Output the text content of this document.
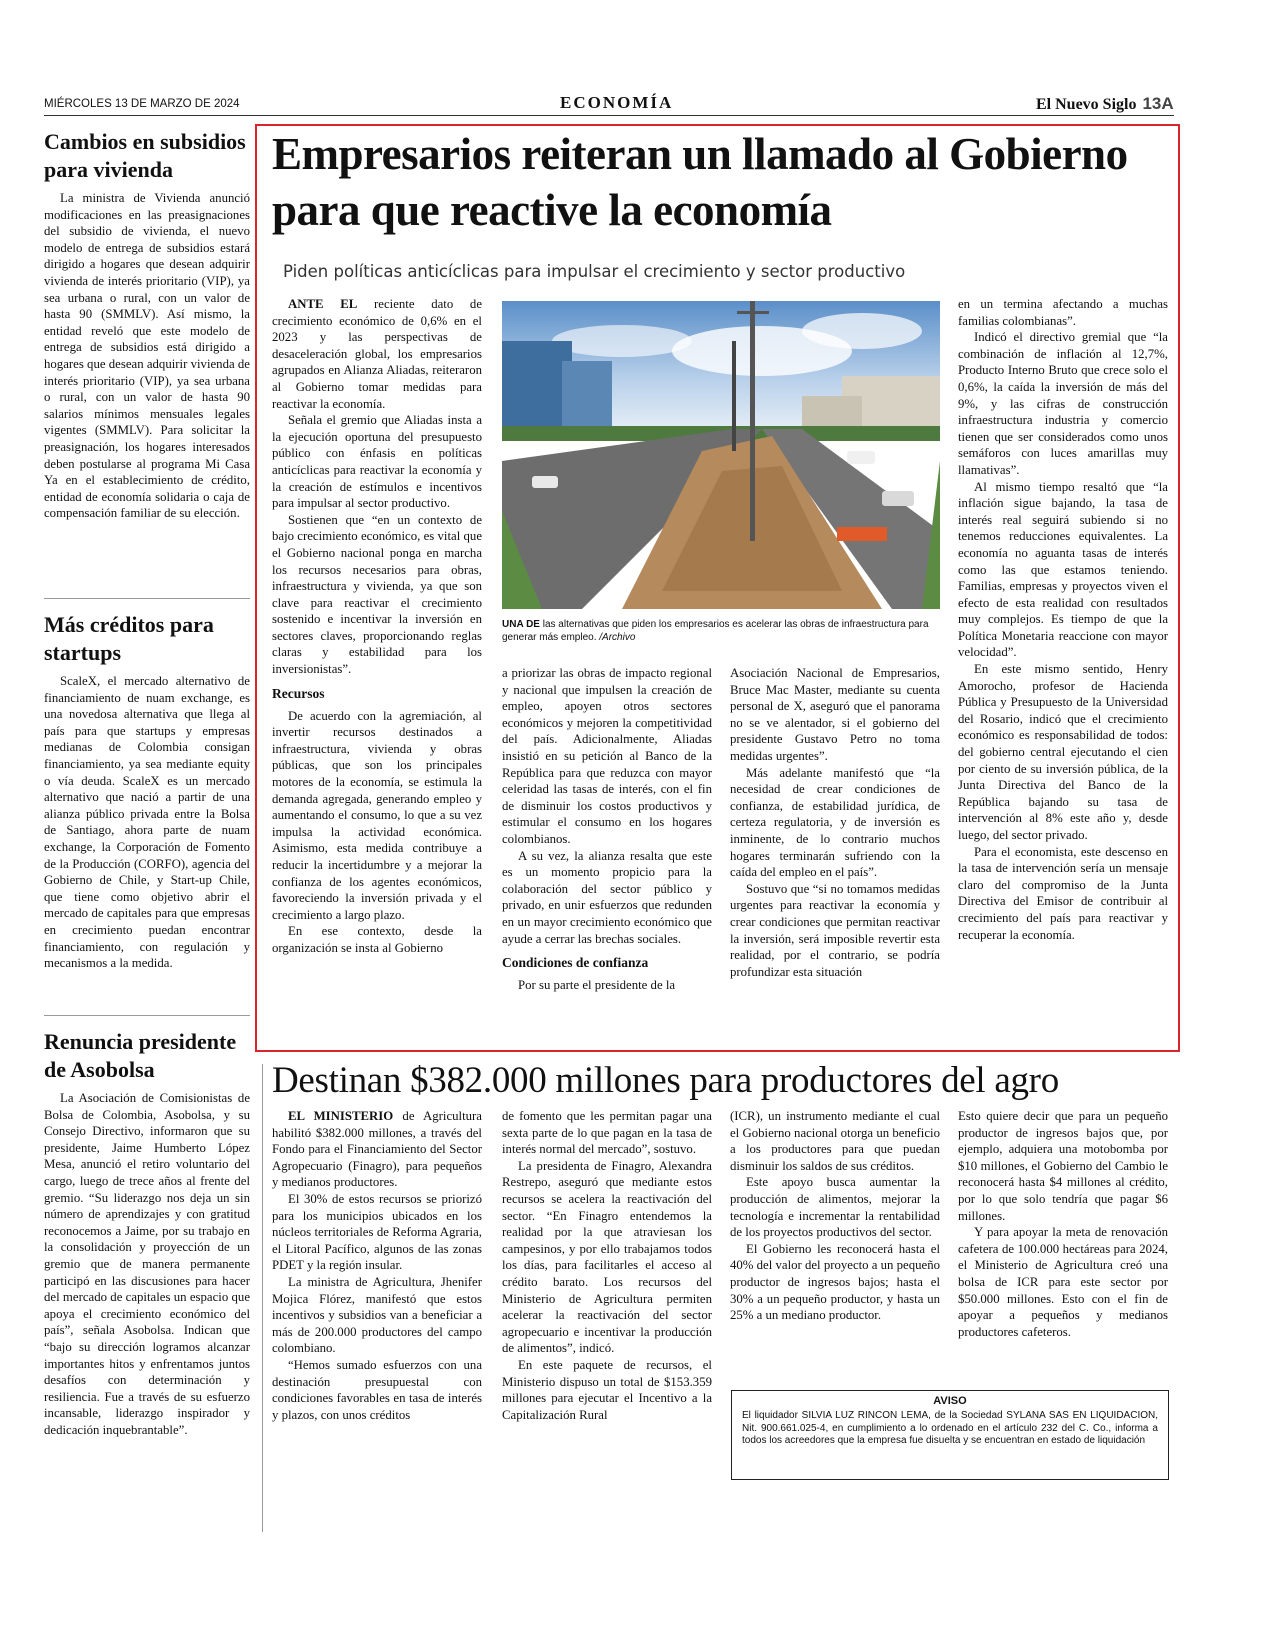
MIÉRCOLES 13 DE MARZO DE 2024	ECONOMÍA	El Nuevo Siglo 13A
Cambios en subsidios para vivienda

La ministra de Vivienda anunció modificaciones en las preasignaciones del subsidio de vivienda, el nuevo modelo de entrega de subsidios estará dirigido a hogares que desean adquirir vivienda de interés prioritario (VIP), ya sea urbana o rural, con un valor de hasta 90 (SMMLV). Así mismo, la entidad reveló que este modelo de entrega de subsidios está dirigido a hogares que desean adquirir vivienda de interés prioritario (VIP), ya sea urbana o rural, con un valor de hasta 90 salarios mínimos mensuales legales vigentes (SMMLV). Para solicitar la preasignación, los hogares interesados deben postularse al programa Mi Casa Ya en el establecimiento de crédito, entidad de economía solidaria o caja de compensación familiar de su elección.

Más créditos para startups

ScaleX, el mercado alternativo de financiamiento de nuam exchange, es una novedosa alternativa que llega al país para que startups y empresas medianas de Colombia consigan financiamiento, ya sea mediante equity o vía deuda. ScaleX es un mercado alternativo que nació a partir de una alianza público privada entre la Bolsa de Santiago, ahora parte de nuam exchange, la Corporación de Fomento de la Producción (CORFO), agencia del Gobierno de Chile, y Start-up Chile, que tiene como objetivo abrir el mercado de capitales para que empresas en crecimiento puedan encontrar financiamiento, con regulación y mecanismos a la medida.

Renuncia presidente de Asobolsa

La Asociación de Comisionistas de Bolsa de Colombia, Asobolsa, y su Consejo Directivo, informaron que su presidente, Jaime Humberto López Mesa, anunció el retiro voluntario del cargo, luego de trece años al frente del gremio. “Su liderazgo nos deja un sin número de aprendizajes y con gratitud reconocemos a Jaime, por su trabajo en la consolidación y proyección de un gremio que de manera permanente participó en las discusiones para hacer del mercado de capitales un espacio que apoya el crecimiento económico del país”, señala Asobolsa. Indican que “bajo su dirección logramos alcanzar importantes hitos y enfrentamos juntos desafíos con determinación y resiliencia. Fue a través de su esfuerzo incansable, liderazgo inspirador y dedicación inquebrantable”.

Empresarios reiteran un llamado al Gobierno para que reactive la economía
Piden políticas anticíclicas para impulsar el crecimiento y sector productivo

ANTE EL reciente dato de crecimiento económico de 0,6% en el 2023 y las perspectivas de desaceleración global, los empresarios agrupados en Alianza Aliadas, reiteraron al Gobierno tomar medidas para reactivar la economía.

Señala el gremio que Aliadas insta a la ejecución oportuna del presupuesto público con énfasis en políticas anticíclicas para reactivar la economía y la creación de estímulos e incentivos para impulsar al sector productivo.

Sostienen que “en un contexto de bajo crecimiento económico, es vital que el Gobierno nacional ponga en marcha los recursos necesarios para obras, infraestructura y vivienda, ya que son clave para reactivar el crecimiento sostenido e incentivar la inversión en sectores claves, proporcionando reglas claras y estabilidad para los inversionistas”.

Recursos

De acuerdo con la agremiación, al invertir recursos destinados a infraestructura, vivienda y obras públicas, que son los principales motores de la economía, se estimula la demanda agregada, generando empleo y aumentando el consumo, lo que a su vez impulsa la actividad económica. Asimismo, esta medida contribuye a reducir la incertidumbre y a mejorar la confianza de los agentes económicos, favoreciendo la inversión privada y el crecimiento a largo plazo.

En ese contexto, desde la organización se insta al Gobierno

UNA DE las alternativas que piden los empresarios es acelerar las obras de infraestructura para generar más empleo. /Archivo

a priorizar las obras de impacto regional y nacional que impulsen la creación de empleo, apoyen otros sectores económicos y mejoren la competitividad del país. Adicionalmente, Aliadas insistió en su petición al Banco de la República para que reduzca con mayor celeridad las tasas de interés, con el fin de disminuir los costos productivos y estimular el consumo en los hogares colombianos.

A su vez, la alianza resalta que este es un momento propicio para la colaboración del sector público y privado, en unir esfuerzos que redunden en un mayor crecimiento económico que ayude a cerrar las brechas sociales.

Condiciones de confianza

Por su parte el presidente de la

Asociación Nacional de Empresarios, Bruce Mac Master, mediante su cuenta personal de X, aseguró que el panorama no se ve alentador, si el gobierno del presidente Gustavo Petro no toma medidas urgentes”.

Más adelante manifestó que “la necesidad de crear condiciones de confianza, de estabilidad jurídica, de certeza regulatoria, y de inversión es inminente, de lo contrario muchos hogares terminarán sufriendo con la caída del empleo en el país”.

Sostuvo que “si no tomamos medidas urgentes para reactivar la economía y crear condiciones que permitan reactivar la inversión, será imposible revertir esta realidad, por el contrario, se podría profundizar esta situación

en un termina afectando a muchas familias colombianas”.

Indicó el directivo gremial que “la combinación de inflación al 12,7%, Producto Interno Bruto que crece solo el 0,6%, la caída la inversión de más del 9%, y las cifras de construcción infraestructura industria y comercio tienen que ser considerados como unos semáforos con luces amarillas muy llamativas”.

Al mismo tiempo resaltó que “la inflación sigue bajando, la tasa de interés real seguirá subiendo si no tenemos reducciones equivalentes. La economía no aguanta tasas de interés como las que estamos teniendo. Familias, empresas y proyectos viven el efecto de esta realidad con resultados muy complejos. Es tiempo de que la Política Monetaria reaccione con mayor velocidad”.

En este mismo sentido, Henry Amorocho, profesor de Hacienda Pública y Presupuesto de la Universidad del Rosario, indicó que el crecimiento económico es responsabilidad de todos: del gobierno central ejecutando el cien por ciento de su inversión pública, de la Junta Directiva del Banco de la República bajando su tasa de intervención al 8% este año y, desde luego, del sector privado.

Para el economista, este descenso en la tasa de intervención sería un mensaje claro del compromiso de la Junta Directiva del Emisor de contribuir al crecimiento del país para reactivar y recuperar la economía.

Destinan $382.000 millones para productores del agro

EL MINISTERIO de Agricultura habilitó $382.000 millones, a través del Fondo para el Financiamiento del Sector Agropecuario (Finagro), para pequeños y medianos productores.

El 30% de estos recursos se priorizó para los municipios ubicados en los núcleos territoriales de Reforma Agraria, el Litoral Pacífico, algunos de las zonas PDET y la región insular.

La ministra de Agricultura, Jhenifer Mojica Flórez, manifestó que estos incentivos y subsidios van a beneficiar a más de 200.000 productores del campo colombiano.

“Hemos sumado esfuerzos con una destinación presupuestal con condiciones favorables en tasa de interés y plazos, con unos créditos

de fomento que les permitan pagar una sexta parte de lo que pagan en la tasa de interés normal del mercado”, sostuvo.

La presidenta de Finagro, Alexandra Restrepo, aseguró que mediante estos recursos se acelera la reactivación del sector. “En Finagro entendemos la realidad por la que atraviesan los campesinos, y por ello trabajamos todos los días, para facilitarles el acceso al crédito barato. Los recursos del Ministerio de Agricultura permiten acelerar la reactivación del sector agropecuario e incentivar la producción de alimentos”, indicó.

En este paquete de recursos, el Ministerio dispuso un total de $153.359 millones para ejecutar el Incentivo a la Capitalización Rural

(ICR), un instrumento mediante el cual el Gobierno nacional otorga un beneficio a los productores para que puedan disminuir los saldos de sus créditos.

Este apoyo busca aumentar la producción de alimentos, mejorar la tecnología e incrementar la rentabilidad de los proyectos productivos del sector.

El Gobierno les reconocerá hasta el 40% del valor del proyecto a un pequeño productor de ingresos bajos; hasta el 30% a un pequeño productor, y hasta un 25% a un mediano productor.

Esto quiere decir que para un pequeño productor de ingresos bajos que, por ejemplo, adquiera una motobomba por $10 millones, el Gobierno del Cambio le reconocerá hasta $4 millones al crédito, por lo que solo tendría que pagar $6 millones.

Y para apoyar la meta de renovación cafetera de 100.000 hectáreas para 2024, el Ministerio de Agricultura creó una bolsa de ICR para este sector por $50.000 millones. Esto con el fin de apoyar a pequeños y medianos productores cafeteros.

AVISO
El liquidador SILVIA LUZ RINCON LEMA, de la Sociedad SYLANA SAS EN LIQUIDACION, Nit. 900.661.025-4, en cumplimiento a lo ordenado en el artículo 232 del C. Co., informa a todos los acreedores que la empresa fue disuelta y se encuentran en estado de liquidación
